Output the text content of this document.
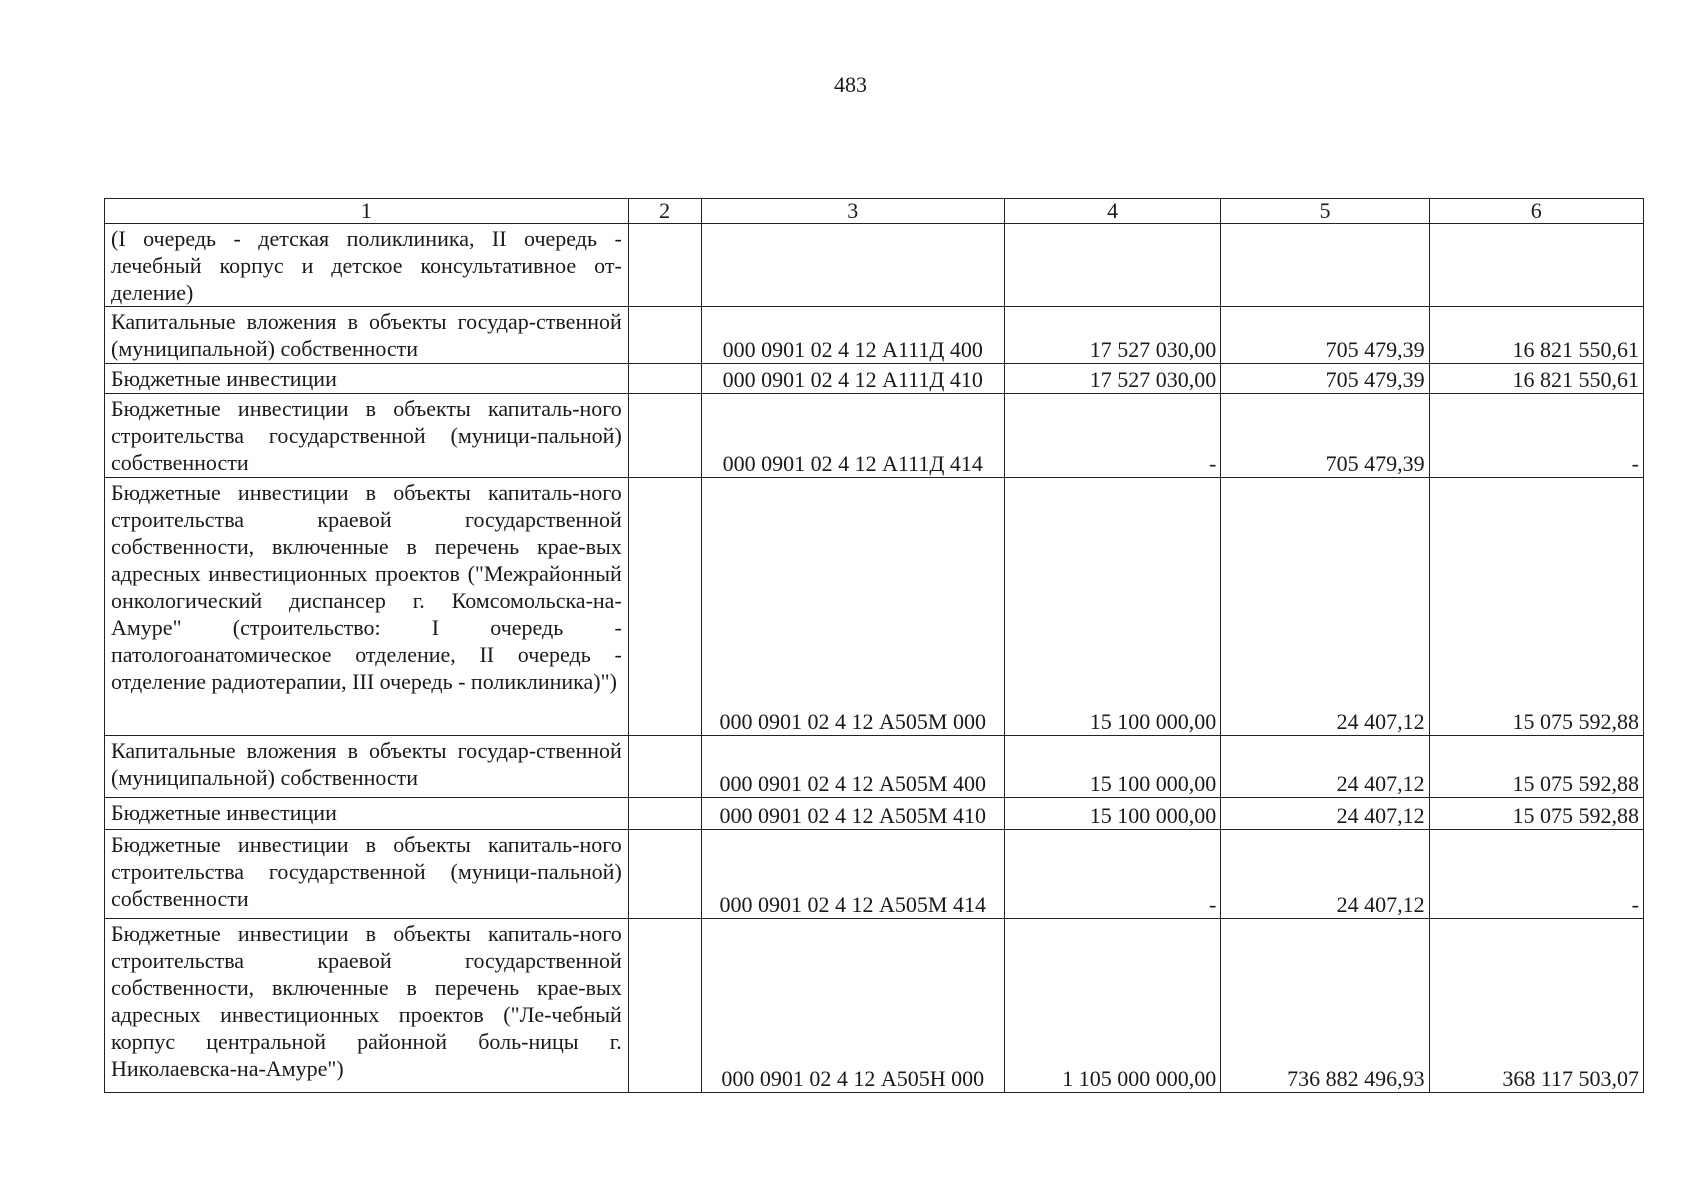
483
1	2	3	4	5	6
(I очередь - детская поликлиника, II очередь - лечебный корпус и детское консультативное от-деление)					
Капитальные вложения в объекты государ-ственной (муниципальной) собственности		000 0901 02 4 12 А111Д 400	17 527 030,00	705 479,39	16 821 550,61
Бюджетные инвестиции		000 0901 02 4 12 А111Д 410	17 527 030,00	705 479,39	16 821 550,61
Бюджетные инвестиции в объекты капиталь-ного строительства государственной (муници-пальной) собственности		000 0901 02 4 12 А111Д 414	-	705 479,39	-
Бюджетные инвестиции в объекты капиталь-ного строительства краевой государственной собственности, включенные в перечень крае-вых адресных инвестиционных проектов ("Межрайонный онкологический диспансер г. Комсомольска-на-Амуре" (строительство: I очередь - патологоанатомическое отделение, II очередь - отделение радиотерапии, III очередь - поликлиника)")		000 0901 02 4 12 А505М 000	15 100 000,00	24 407,12	15 075 592,88
Капитальные вложения в объекты государ-ственной (муниципальной) собственности		000 0901 02 4 12 А505М 400	15 100 000,00	24 407,12	15 075 592,88
Бюджетные инвестиции		000 0901 02 4 12 А505М 410	15 100 000,00	24 407,12	15 075 592,88
Бюджетные инвестиции в объекты капиталь-ного строительства государственной (муници-пальной) собственности		000 0901 02 4 12 А505М 414	-	24 407,12	-
Бюджетные инвестиции в объекты капиталь-ного строительства краевой государственной собственности, включенные в перечень крае-вых адресных инвестиционных проектов ("Ле-чебный корпус центральной районной боль-ницы г. Николаевска-на-Амуре")		000 0901 02 4 12 А505Н 000	1 105 000 000,00	736 882 496,93	368 117 503,07
